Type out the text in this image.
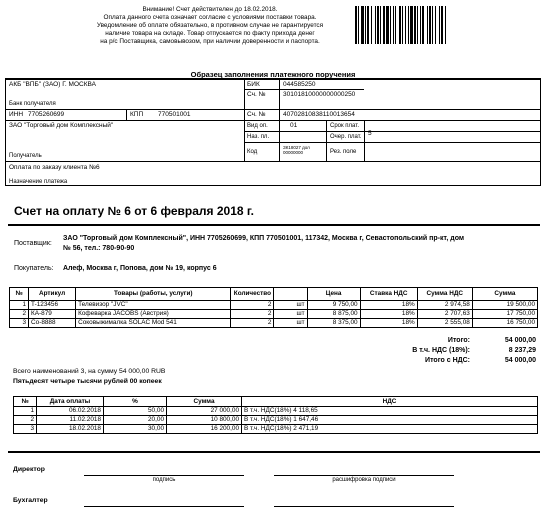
Внимание! Счет действителен до 18.02.2018.
Оплата данного счета означает согласие с условиями поставки товара.
Уведомление об оплате обязательно, в противном случае не гарантируется
наличие товара на складе. Товар отпускается по факту прихода денег
на р/с Поставщика, самовывозом, при наличии доверенности и паспорта.
Образец заполнения платежного поручения
АКБ "ВПБ" (ЗАО) Г. МОСКВА
Банк получателя
БИК	044585250
Сч. №	30101810000000000250
ИНН 7705260699	КПП 770501001	Сч. №	40702810838110013654
ЗАО "Торговый дом Комплексный"
Получатель
Вид оп.	01	Срок плат.
Наз. пл.	Очер. плат. 5
Код
ЗК18027 дол 00000000	Рез. поле
Оплата по заказу клиента №6
Назначение платежа
Счет на оплату № 6 от 6 февраля 2018 г.
Поставщик:
ЗАО "Торговый дом Комплексный", ИНН 7705260699, КПП 770501001, 117342, Москва г, Севастопольский пр-кт, дом
№ 56, тел.: 780-90-90
Покупатель: Алеф, Москва г, Попова, дом № 19, корпус 6
№	Артикул	Товары (работы, услуги)	Количество		Цена	Ставка НДС	Сумма НДС	Сумма
1	T-123456	Телевизор "JVC"	2	шт	9 750,00	18%	2 974,58	19 500,00
2	КА-879	Кофеварка JACOBS (Австрия)	2	шт	8 875,00	18%	2 707,63	17 750,00
3	Со-8888	Соковыжималка SOLAC Mod 541	2	шт	8 375,00	18%	2 555,08	16 750,00
Итого:	54 000,00
В т.ч. НДС (18%):	8 237,29
Итого с НДС:	54 000,00
Всего наименований 3, на сумму 54 000,00 RUB
Пятьдесят четыре тысячи рублей 00 копеек
№	Дата оплаты	%	Сумма	НДС
1	06.02.2018	50,00	27 000,00	В т.ч. НДС(18%) 4 118,65
2	11.02.2018	20,00	10 800,00	В т.ч. НДС(18%) 1 647,46
3	18.02.2018	30,00	16 200,00	В т.ч. НДС(18%) 2 471,19
Директор
подпись	расшифровка подписи
Бухгалтер
